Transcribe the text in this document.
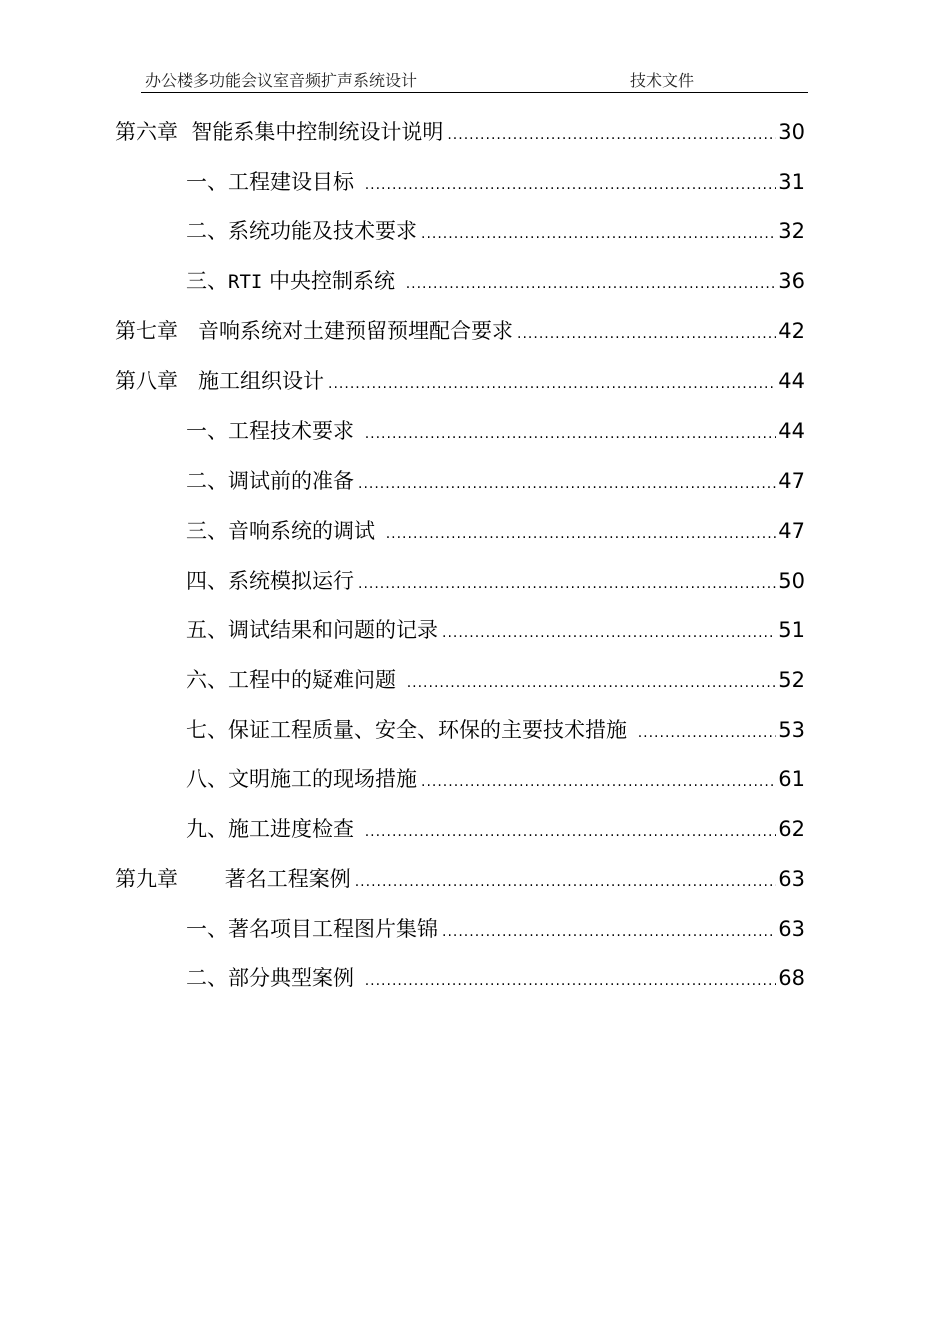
办公楼多功能会议室音频扩声系统设计	技术文件
第六章  智能系集中控制统设计说明 .....	30
一、 工程建设目标 .....	31
二、 系统功能及技术要求 .....	32
三、 RTI 中央控制系统 .....	36
第七章   音响系统对土建预留预埋配合要求 .....	42
第八章   施工组织设计 .....	44
一、 工程技术要求 .....	44
二、 调试前的准备 .....	47
三、 音响系统的调试 .....	47
四、 系统模拟运行 .....	50
五、 调试结果和问题的记录 .....	51
六、 工程中的疑难问题 .....	52
七、 保证工程质量、安全、环保的主要技术措施 .....	53
八、 文明施工的现场措施 .....	61
九、 施工进度检查 .....	62
第九章       著名工程案例 .....	63
一、 著名项目工程图片集锦 .....	63
二、 部分典型案例 .....	68
